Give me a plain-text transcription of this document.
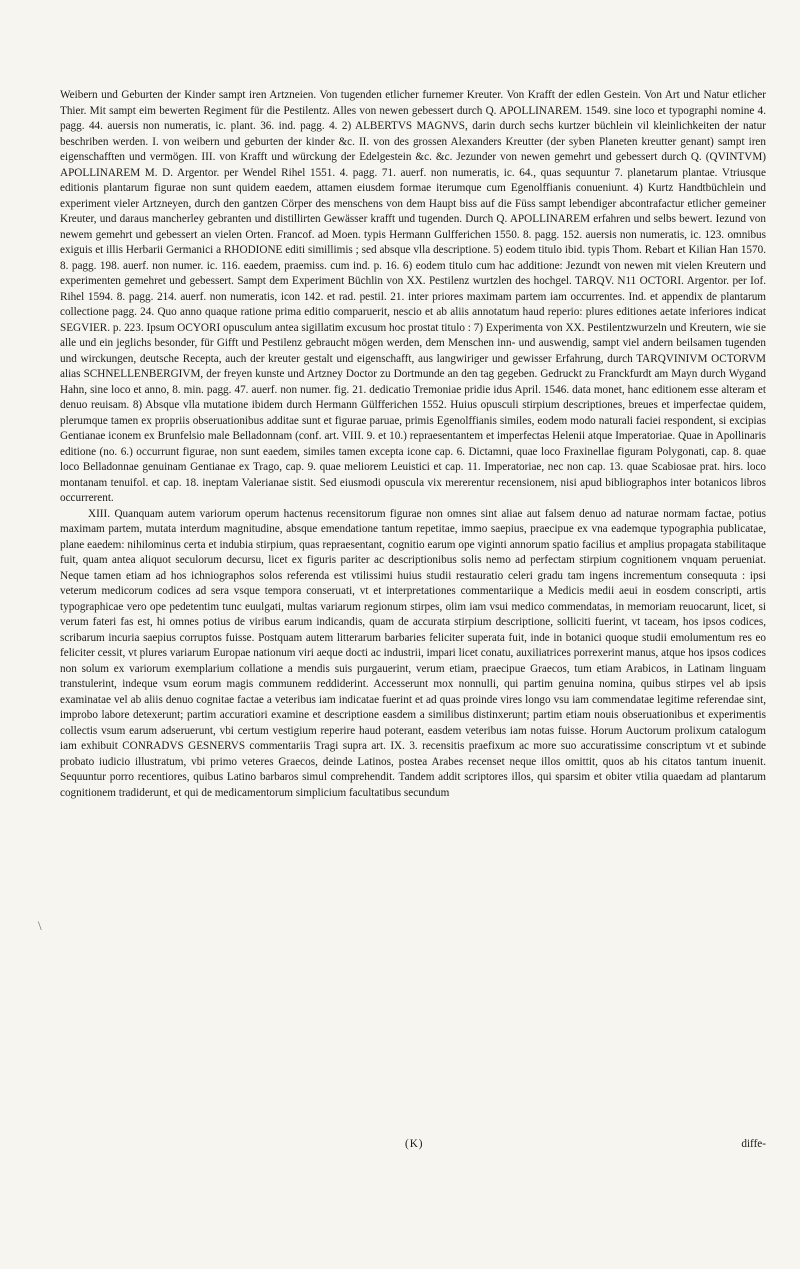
Weibern und Geburten der Kinder sampt iren Artzneien. Von tugenden etlicher furnemer Kreuter. Von Krafft der edlen Gestein. Von Art und Natur etlicher Thier. Mit sampt eim bewerten Regiment für die Pestilentz. Alles von newen gebessert durch Q. APOLLINAREM. 1549. sine loco et typographi nomine 4. pagg. 44. auersis non numeratis, ic. plant. 36. ind. pagg. 4. 2) ALBERTVS MAGNVS, darin durch sechs kurtzer büchlein vil kleinlichkeiten der natur beschriben werden. I. von weibern und geburten der kinder &c. II. von des grossen Alexanders Kreutter (der syben Planeten kreutter genant) sampt iren eigenschafften und vermögen. III. von Krafft und würckung der Edelgestein &c. &c. Jezunder von newen gemehrt und gebessert durch Q. (QVINTVM) APOLLINAREM M. D. Argentor. per Wendel Rihel 1551. 4. pagg. 71. auerf. non numeratis, ic. 64., quas sequuntur 7. planetarum plantae. Vtriusque editionis plantarum figurae non sunt quidem eaedem, attamen eiusdem formae iterumque cum Egenolffianis conueniunt. 4) Kurtz Handtbüchlein und experiment vieler Artzneyen, durch den gantzen Cörper des menschens von dem Haupt biss auf die Füss sampt lebendiger abcontrafactur etlicher gemeiner Kreuter, und daraus mancherley gebranten und distillirten Gewässer krafft und tugenden. Durch Q. APOLLINAREM erfahren und selbs bewert. Iezund von newem gemehrt und gebessert an vielen Orten. Francof. ad Moen. typis Hermann Gulfferichen 1550. 8. pagg. 152. auersis non numeratis, ic. 123. omnibus exiguis et illis Herbarii Germanici a RHODIONE editi simillimis ; sed absque vlla descriptione. 5) eodem titulo ibid. typis Thom. Rebart et Kilian Han 1570. 8. pagg. 198. auerf. non numer. ic. 116. eaedem, praemiss. cum ind. p. 16. 6) eodem titulo cum hac additione: Jezundt von newen mit vielen Kreutern und experimenten gemehret und gebessert. Sampt dem Experiment Büchlin von XX. Pestilenz wurtzlen des hochgel. TARQV. N11 OCTORI. Argentor. per Iof. Rihel 1594. 8. pagg. 214. auerf. non numeratis, icon 142. et rad. pestil. 21. inter priores maximam partem iam occurrentes. Ind. et appendix de plantarum collectione pagg. 24. Quo anno quaque ratione prima editio comparuerit, nescio et ab aliis annotatum haud reperio: plures editiones aetate inferiores indicat SEGVIER. p. 223. Ipsum OCYORI opusculum antea sigillatim excusum hoc prostat titulo : 7) Experimenta von XX. Pestilentzwurzeln und Kreutern, wie sie alle und ein jeglichs besonder, für Gifft und Pestilenz gebraucht mögen werden, dem Menschen inn- und auswendig, sampt viel andern beilsamen tugenden und wirckungen, deutsche Recepta, auch der kreuter gestalt und eigenschafft, aus langwiriger und gewisser Erfahrung, durch TARQVINIVM OCTORVM alias SCHNELLENBERGIVM, der freyen kunste und Artzney Doctor zu Dortmunde an den tag gegeben. Gedruckt zu Franckfurdt am Mayn durch Wygand Hahn, sine loco et anno, 8. min. pagg. 47. auerf. non numer. fig. 21. dedicatio Tremoniae pridie idus April. 1546. data monet, hanc editionem esse alteram et denuo reuisam. 8) Absque vlla mutatione ibidem durch Hermann Gülfferichen 1552. Huius opusculi stirpium descriptiones, breues et imperfectae quidem, plerumque tamen ex propriis obseruationibus additae sunt et figurae paruae, primis Egenolffianis similes, eodem modo naturali faciei respondent, si excipias Gentianae iconem ex Brunfelsio male Belladonnam (conf. art. VIII. 9. et 10.) repraesentantem et imperfectas Helenii atque Imperatoriae. Quae in Apollinaris editione (no. 6.) occurrunt figurae, non sunt eaedem, similes tamen excepta icone cap. 6. Dictamni, quae loco Fraxinellae figuram Polygonati, cap. 8. quae loco Belladonnae genuinam Gentianae ex Trago, cap. 9. quae meliorem Leuistici et cap. 11. Imperatoriae, nec non cap. 13. quae Scabiosae prat. hirs. loco montanam tenuifol. et cap. 18. ineptam Valerianae sistit. Sed eiusmodi opuscula vix mererentur recensionem, nisi apud bibliographos inter botanicos libros occurrerent.

XIII. Quanquam autem variorum operum hactenus recensitorum figurae non omnes sint aliae aut falsem denuo ad naturae normam factae, potius maximam partem, mutata interdum magnitudine, absque emendatione tantum repetitae, immo saepius, praecipue ex vna eademque typographia publicatae, plane eaedem: nihilominus certa et indubia stirpium, quas repraesentant, cognitio earum ope viginti annorum spatio facilius et amplius propagata stabilitaque fuit, quam antea aliquot seculorum decursu, licet ex figuris pariter ac descriptionibus solis nemo ad perfectam stirpium cognitionem vnquam perueniat. Neque tamen etiam ad hos ichniographos solos referenda est vtilissimi huius studii restauratio celeri gradu tam ingens incrementum consequuta : ipsi veterum medicorum codices ad sera vsque tempora conseruati, vt et interpretationes commentariique a Medicis medii aeui in eosdem conscripti, artis typographicae vero ope pedetentim tunc euulgati, multas variarum regionum stirpes, olim iam vsui medico commendatas, in memoriam reuocarunt, licet, si verum fateri fas est, hi omnes potius de viribus earum indicandis, quam de accurata stirpium descriptione, solliciti fuerint, vt taceam, hos ipsos codices, scribarum incuria saepius corruptos fuisse. Postquam autem litterarum barbaries feliciter superata fuit, inde in botanici quoque studii emolumentum res eo feliciter cessit, vt plures variarum Europae nationum viri aeque docti ac industrii, impari licet conatu, auxiliatrices porrexerint manus, atque hos ipsos codices non solum ex variorum exemplarium collatione a mendis suis purgauerint, verum etiam, praecipue Graecos, tum etiam Arabicos, in Latinam linguam transtulerint, indeque vsum eorum magis communem reddiderint. Accesserunt mox nonnulli, qui partim genuina nomina, quibus stirpes vel ab ipsis examinatae vel ab aliis denuo cognitae factae a veteribus iam indicatae fuerint et ad quas proinde vires longo vsu iam commendatae legitime referendae sint, improbo labore detexerunt; partim accuratiori examine et descriptione easdem a similibus distinxerunt; partim etiam nouis obseruationibus et experimentis collectis vsum earum adseruerunt, vbi certum vestigium reperire haud poterant, easdem veteribus iam notas fuisse. Horum Auctorum prolixum catalogum iam exhibuit CONRADVS GESNERVS commentariis Tragi supra art. IX. 3. recensitis praefixum ac more suo accuratissime conscriptum vt et subinde probato iudicio illustratum, vbi primo veteres Graecos, deinde Latinos, postea Arabes recenset neque illos omittit, quos ab his citatos tantum inuenit. Sequuntur porro recentiores, quibus Latino barbaros simul comprehendit. Tandem addit scriptores illos, qui sparsim et obiter vtilia quaedam ad plantarum cognitionem tradiderunt, et qui de medicamentorum simplicium facultatibus secundum

\
(K)	diffe-
